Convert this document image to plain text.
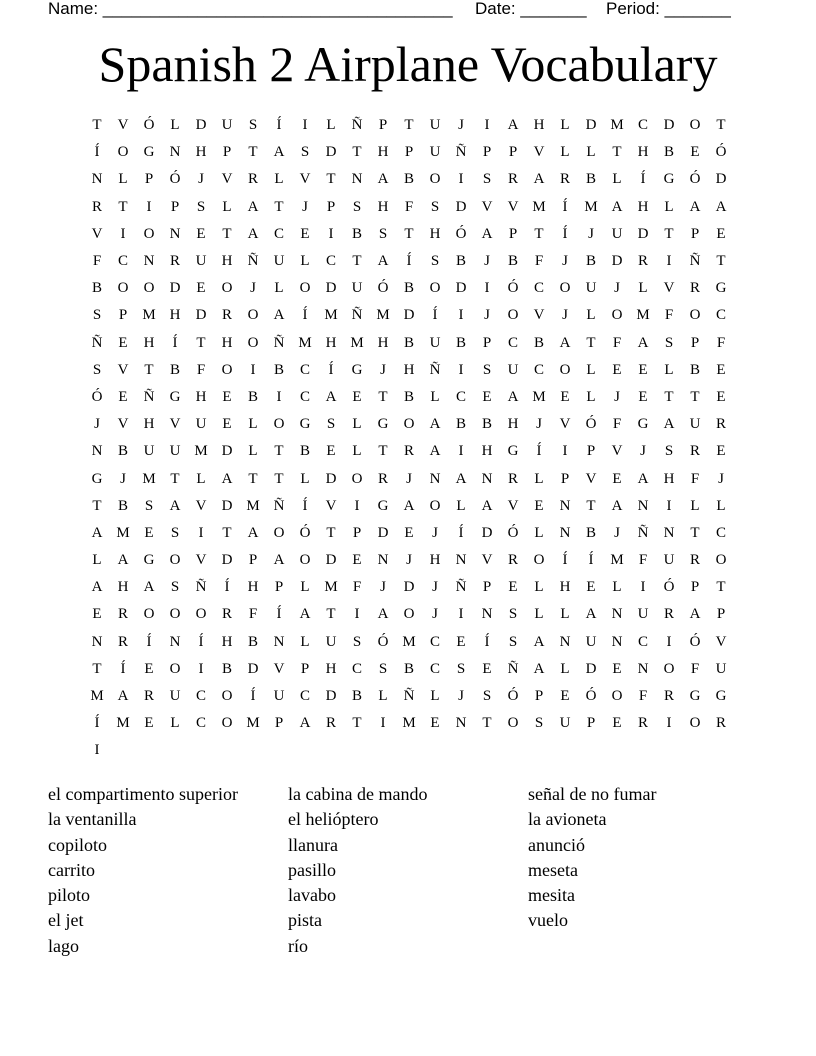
Name: _____________________________________ Date: _______ Period: _______
Spanish 2 Airplane Vocabulary
T	V	Ó	L	D	U	S	Í	I	L	Ñ	P	T	U	J	I	A	H	L	D M C	D	O	T
Í	O	G	N	H	P	T	A	S	D	T	H	P	U	Ñ	P	P	V	L	L	T	H	B	E	Ó
N	L	P	Ó	J	V	R	L	V	T	N	A	B	O	I	S	R	A	R	B	L	Í	G	Ó	D
R	T	I	P	S	L	A	T	J	P	S	H	F	S	D	V	V M	Í	M A	H	L	A	A
V	I	O	N	E	T	A	C	E	I	B	S	T	H	Ó	A	P	T	Í	J	U	D	T	P	E
F	C	N	R	U	H	Ñ	U	L	C	T	A	Í	S	B	J	B	F	J	B	D	R	I	Ñ	T
B	O	O	D	E	O	J	L	O	D	U	Ó	B	O	D	I	Ó	C	O	U	J	L	V	R	G
S	P	M H	D	R	O	A	Í	M Ñ M D	Í	I	J	O	V	J	L	O M	F	O	C
Ñ	E	H	Í	T	H	O	Ñ M H M H	B	U	B	P	C	B	A	T	F	A	S	P	F
S	V	T	B	F	O	I	B	C	Í	G	J	H	Ñ	I	S	U	C	O	L	E	E	L	B	E
Ó	E	Ñ	G	H	E	B	I	C	A	E	T	B	L	C	E	A M E	L	J	E	T	T	E
J	V	H	V	U	E	L	O	G	S	L	G	O	A	B	B	H	J	V	Ó	F	G	A	U	R
N	B	U	U M D	L	T	B	E	L	T	R	A	I	H	G	Í	I	P	V	J	S	R	E
G	J	M T	L	A	T	T	L	D	O	R	J	N	A	N	R	L	P	V	E	A	H	F	J
T	B	S	A	V	D M Ñ	Í	V	I	G	A	O	L	A	V	E	N	T	A	N	I	L	L
A M E	S	I	T	A	O	Ó	T	P	D	E	J	Í	D	Ó	L	N	B	J	Ñ	N	T	C
L	A	G	O	V	D	P	A	O	D	E	N	J	H	N	V	R	O	Í	Í	M	F	U	R	O
A	H	A	S	Ñ	Í	H	P	L M	F	J	D	J	Ñ	P	E	L	H	E	L	I	Ó	P	T
E	R	O	O	O	R	F	Í	A	T	I	A	O	J	I	N	S	L	L	A	N	U	R	A	P
N	R	Í	N	Í	H	B	N	L	U	S	Ó M C	E	Í	S	A	N	U	N	C	I	Ó	V
T	Í	E	O	I	B	D	V	P	H	C	S	B	C	S	E	Ñ	A	L	D	E	N	O	F	U
M A	R	U	C	O	Í	U	C	D	B	L	Ñ	L	J	S	Ó	P	E	Ó	O	F	R	G	G
Í	M E	L	C	O M	P	A	R	T	I	M E	N	T	O	S	U	P	E	R	I	O	R
I
el compartimento superior
la ventanilla
copiloto
carrito
piloto
el jet
lago
la cabina de mando
el helióptero
llanura
pasillo
lavabo
pista
río
señal de no fumar
la avioneta
anunció
meseta
mesita
vuelo
